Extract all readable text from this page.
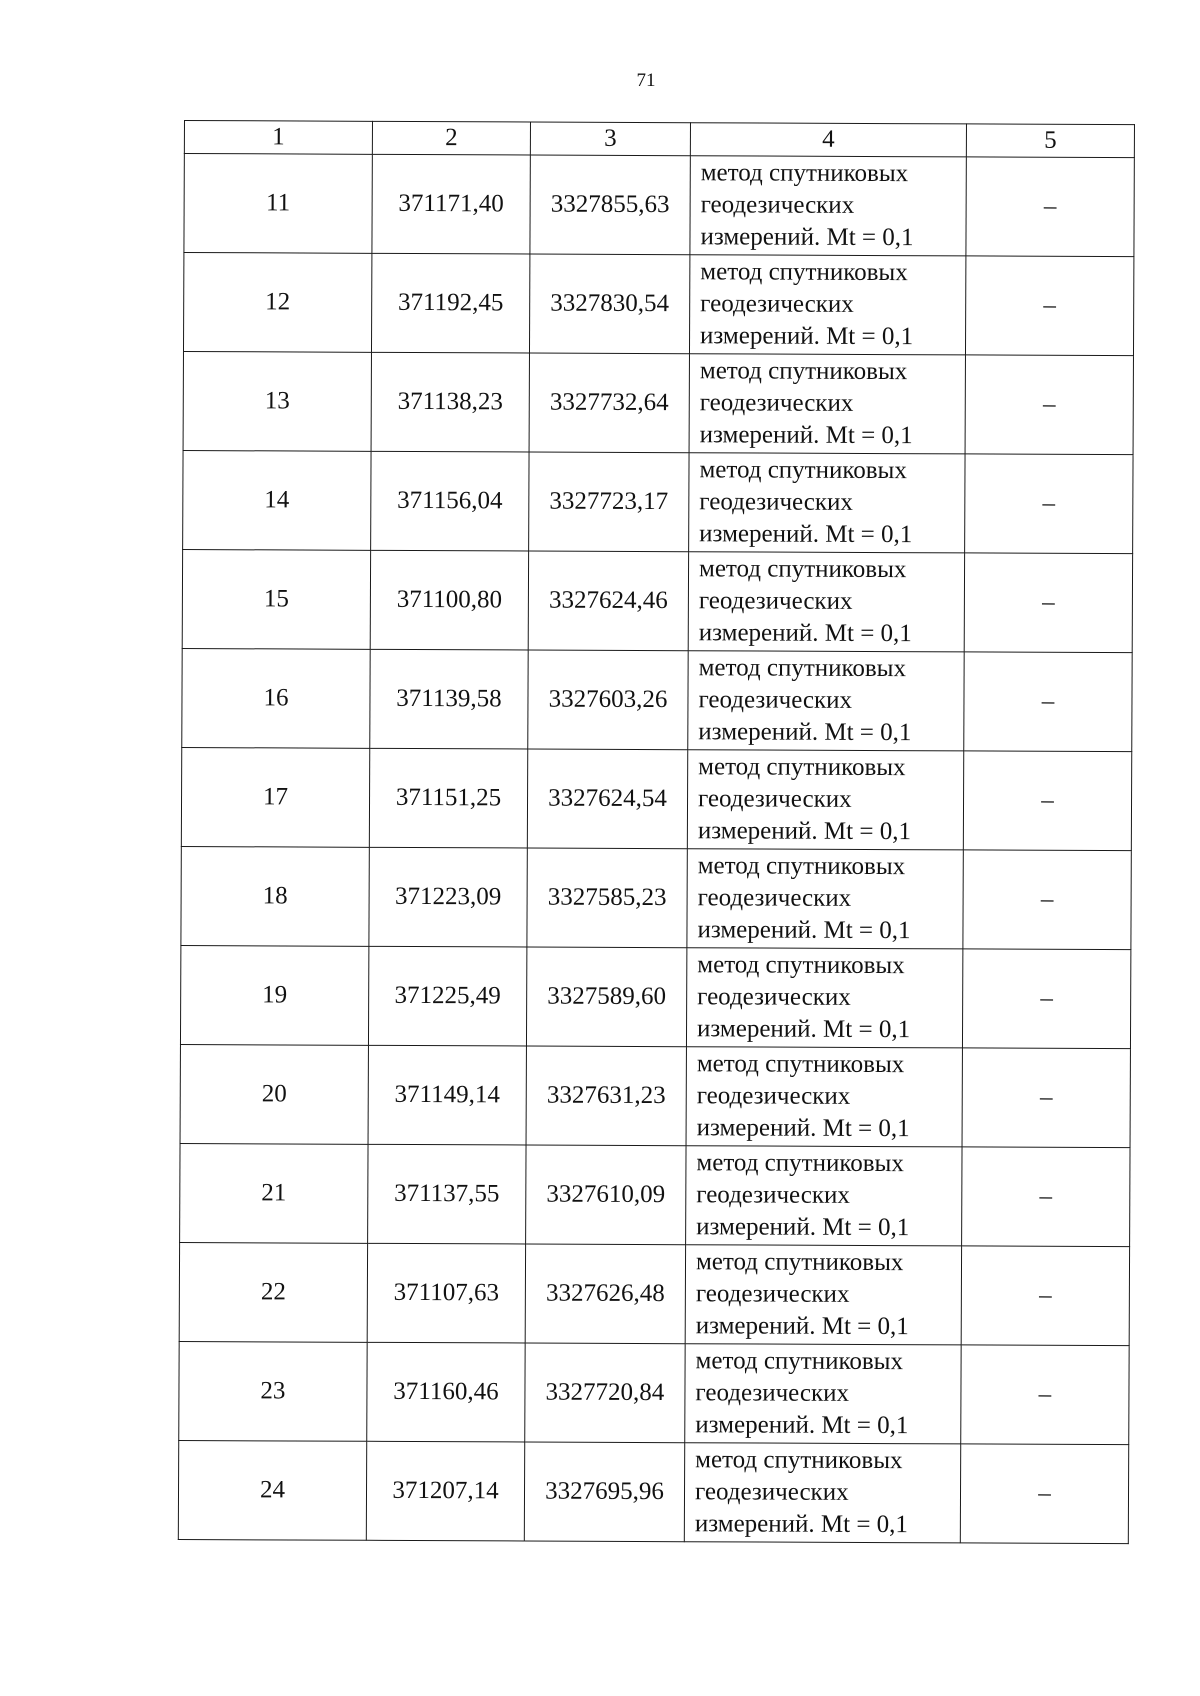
71
1	2	3	4	5
11	371171,40	3327855,63	метод спутниковых
геодезических
измерений. Mt = 0,1	–
12	371192,45	3327830,54	метод спутниковых
геодезических
измерений. Mt = 0,1	–
13	371138,23	3327732,64	метод спутниковых
геодезических
измерений. Mt = 0,1	–
14	371156,04	3327723,17	метод спутниковых
геодезических
измерений. Mt = 0,1	–
15	371100,80	3327624,46	метод спутниковых
геодезических
измерений. Mt = 0,1	–
16	371139,58	3327603,26	метод спутниковых
геодезических
измерений. Mt = 0,1	–
17	371151,25	3327624,54	метод спутниковых
геодезических
измерений. Mt = 0,1	–
18	371223,09	3327585,23	метод спутниковых
геодезических
измерений. Mt = 0,1	–
19	371225,49	3327589,60	метод спутниковых
геодезических
измерений. Mt = 0,1	–
20	371149,14	3327631,23	метод спутниковых
геодезических
измерений. Mt = 0,1	–
21	371137,55	3327610,09	метод спутниковых
геодезических
измерений. Mt = 0,1	–
22	371107,63	3327626,48	метод спутниковых
геодезических
измерений. Mt = 0,1	–
23	371160,46	3327720,84	метод спутниковых
геодезических
измерений. Mt = 0,1	–
24	371207,14	3327695,96	метод спутниковых
геодезических
измерений. Mt = 0,1	–
